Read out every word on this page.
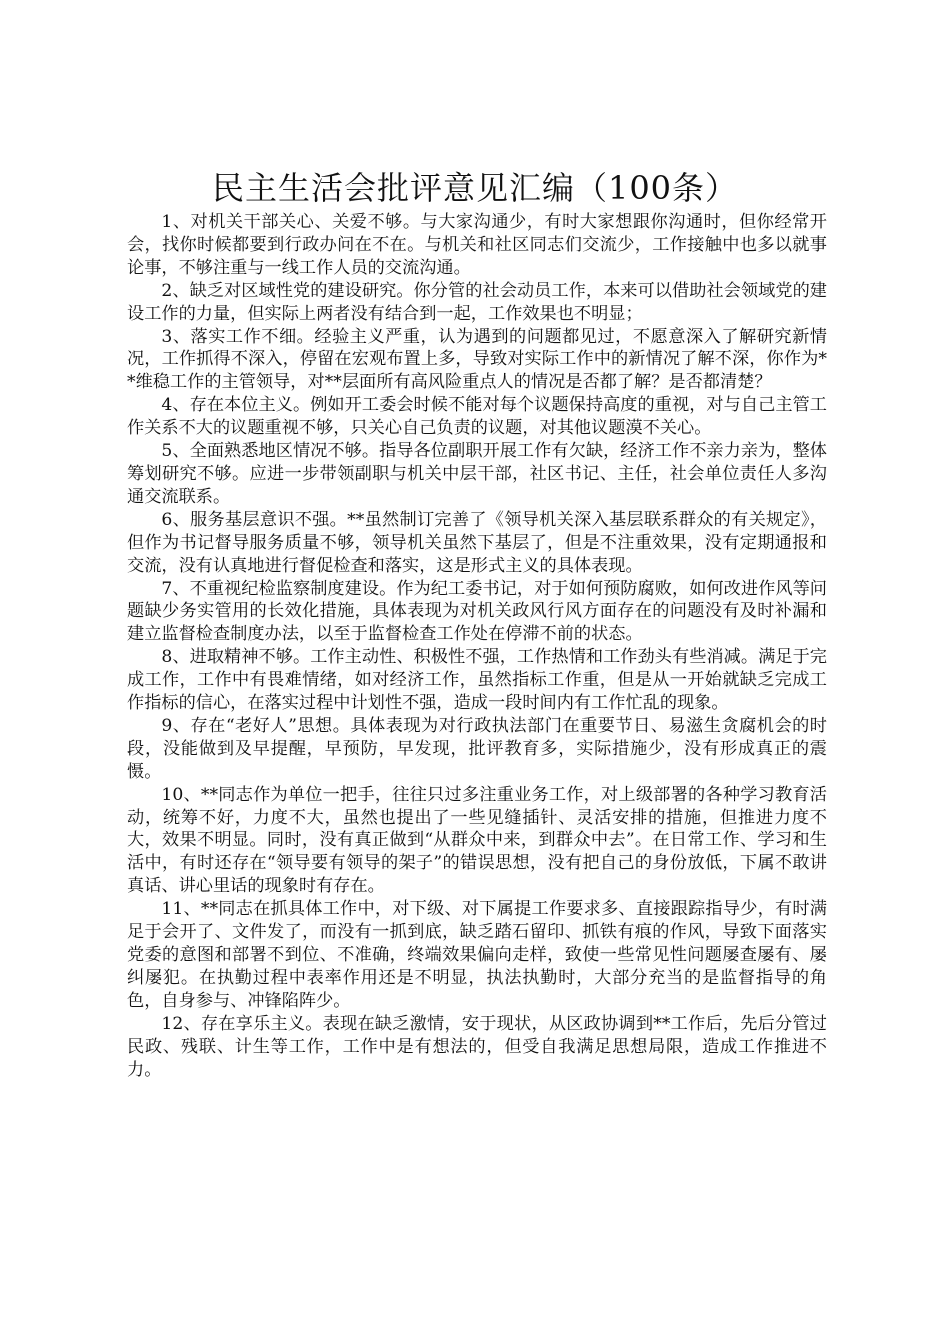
民主生活会批评意见汇编（100条）

1、对机关干部关心、关爱不够。与大家沟通少，有时大家想跟你沟通时，但你经常开会，找你时候都要到行政办问在不在。与机关和社区同志们交流少，工作接触中也多以就事论事，不够注重与一线工作人员的交流沟通。

2、缺乏对区域性党的建设研究。你分管的社会动员工作，本来可以借助社会领域党的建设工作的力量，但实际上两者没有结合到一起，工作效果也不明显；

3、落实工作不细。经验主义严重，认为遇到的问题都见过，不愿意深入了解研究新情况，工作抓得不深入，停留在宏观布置上多，导致对实际工作中的新情况了解不深，你作为**维稳工作的主管领导，对**层面所有高风险重点人的情况是否都了解？是否都清楚？

4、存在本位主义。例如开工委会时候不能对每个议题保持高度的重视，对与自己主管工作关系不大的议题重视不够，只关心自己负责的议题，对其他议题漠不关心。

5、全面熟悉地区情况不够。指导各位副职开展工作有欠缺，经济工作不亲力亲为，整体筹划研究不够。应进一步带领副职与机关中层干部，社区书记、主任，社会单位责任人多沟通交流联系。

6、服务基层意识不强。**虽然制订完善了《领导机关深入基层联系群众的有关规定》，但作为书记督导服务质量不够，领导机关虽然下基层了，但是不注重效果，没有定期通报和交流，没有认真地进行督促检查和落实，这是形式主义的具体表现。

7、不重视纪检监察制度建设。作为纪工委书记，对于如何预防腐败，如何改进作风等问题缺少务实管用的长效化措施，具体表现为对机关政风行风方面存在的问题没有及时补漏和建立监督检查制度办法，以至于监督检查工作处在停滞不前的状态。

8、进取精神不够。工作主动性、积极性不强，工作热情和工作劲头有些消减。满足于完成工作，工作中有畏难情绪，如对经济工作，虽然指标工作重，但是从一开始就缺乏完成工作指标的信心，在落实过程中计划性不强，造成一段时间内有工作忙乱的现象。

9、存在“老好人”思想。具体表现为对行政执法部门在重要节日、易滋生贪腐机会的时段，没能做到及早提醒，早预防，早发现，批评教育多，实际措施少，没有形成真正的震慑。

10、**同志作为单位一把手，往往只过多注重业务工作，对上级部署的各种学习教育活动，统筹不好，力度不大，虽然也提出了一些见缝插针、灵活安排的措施，但推进力度不大，效果不明显。同时，没有真正做到“从群众中来，到群众中去”。在日常工作、学习和生活中，有时还存在“领导要有领导的架子”的错误思想，没有把自己的身份放低，下属不敢讲真话、讲心里话的现象时有存在。

11、**同志在抓具体工作中，对下级、对下属提工作要求多、直接跟踪指导少，有时满足于会开了、文件发了，而没有一抓到底，缺乏踏石留印、抓铁有痕的作风，导致下面落实党委的意图和部署不到位、不准确，终端效果偏向走样，致使一些常见性问题屡查屡有、屡纠屡犯。在执勤过程中表率作用还是不明显，执法执勤时，大部分充当的是监督指导的角色，自身参与、冲锋陷阵少。

12、存在享乐主义。表现在缺乏激情，安于现状，从区政协调到**工作后，先后分管过民政、残联、计生等工作，工作中是有想法的，但受自我满足思想局限，造成工作推进不力。
